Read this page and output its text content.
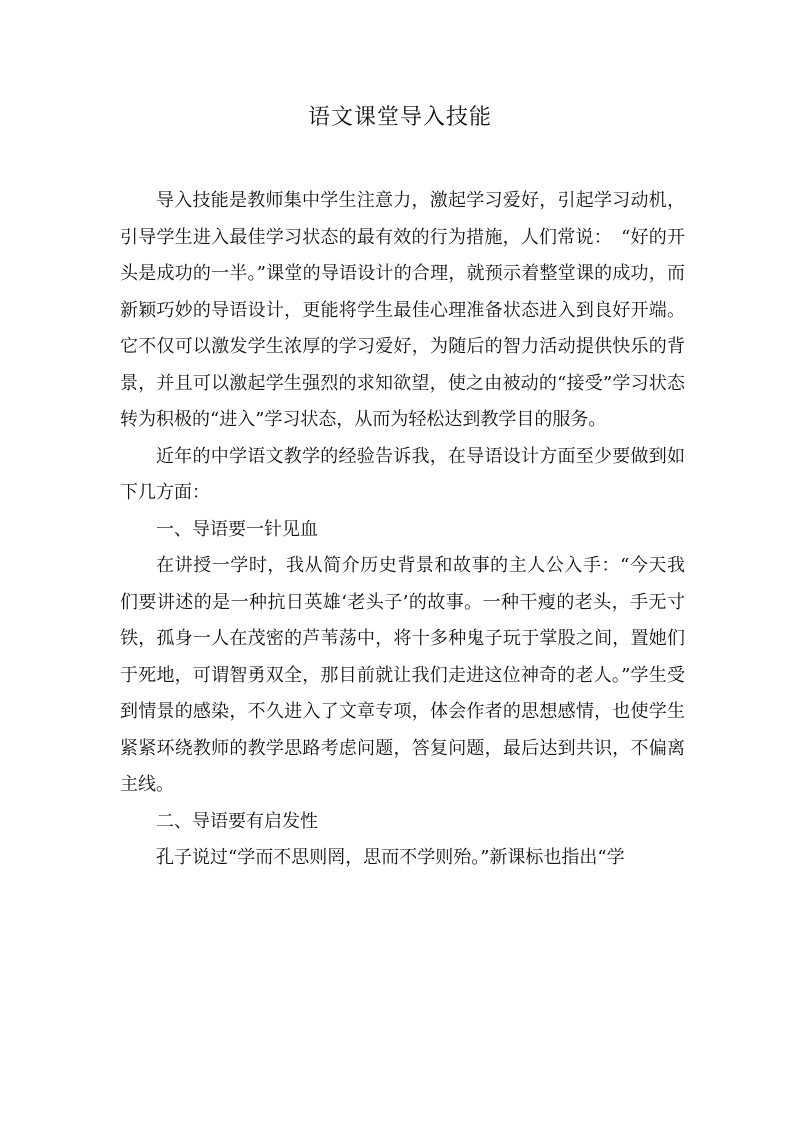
语文课堂导入技能

导入技能是教师集中学生注意力，激起学习爱好，引起学习动机，引导学生进入最佳学习状态的最有效的行为措施，人们常说：　“好的开头是成功的一半。”课堂的导语设计的合理，就预示着整堂课的成功，而新颖巧妙的导语设计，更能将学生最佳心理准备状态进入到良好开端。它不仅可以激发学生浓厚的学习爱好，为随后的智力活动提供快乐的背景，并且可以激起学生强烈的求知欲望，使之由被动的“接受”学习状态转为积极的“进入”学习状态，从而为轻松达到教学目的服务。

近年的中学语文教学的经验告诉我，在导语设计方面至少要做到如下几方面：

一、导语要一针见血

在讲授一学时，我从简介历史背景和故事的主人公入手：“今天我们要讲述的是一种抗日英雄‘老头子’的故事。一种干瘦的老头，手无寸铁，孤身一人在茂密的芦苇荡中，将十多种鬼子玩于掌股之间，置她们于死地，可谓智勇双全，那目前就让我们走进这位神奇的老人。”学生受到情景的感染，不久进入了文章专项，体会作者的思想感情，也使学生紧紧环绕教师的教学思路考虑问题，答复问题，最后达到共识，不偏离主线。

二、导语要有启发性

孔子说过“学而不思则罔，思而不学则殆。”新课标也指出“学
